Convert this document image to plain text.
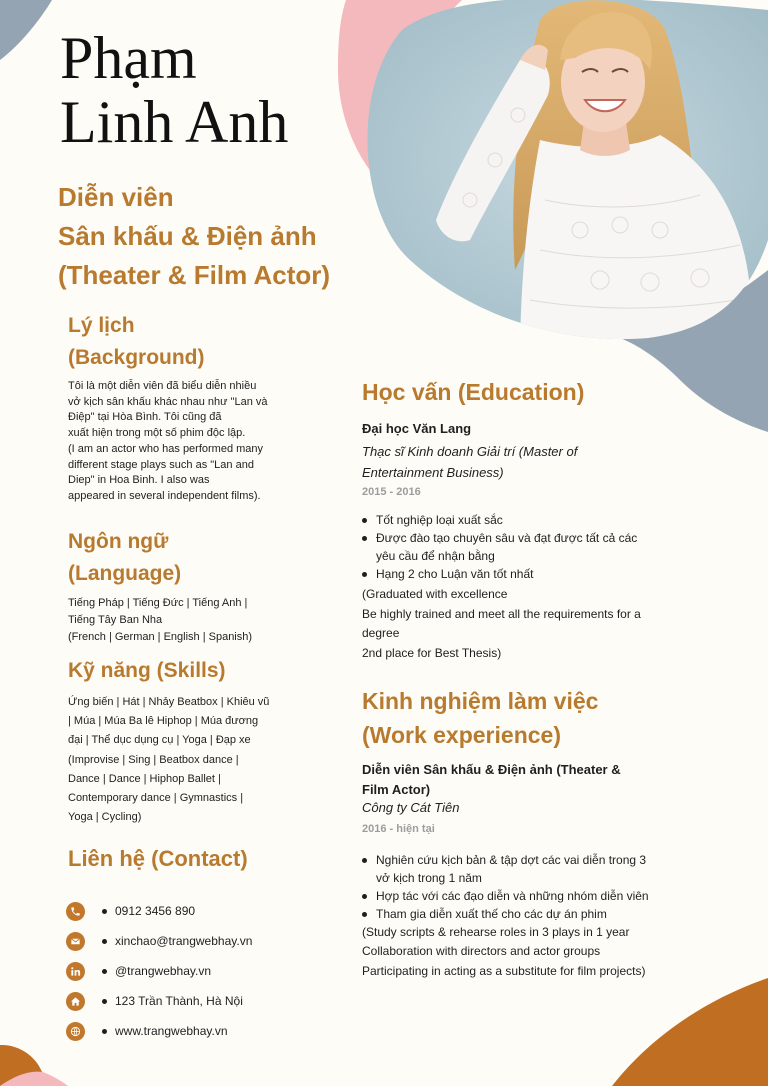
Phạm
Linh Anh
Diễn viên
Sân khấu & Điện ảnh
(Theater & Film Actor)
Lý lịch
(Background)

Tôi là một diễn viên đã biểu diễn nhiều
vở kịch sân khấu khác nhau như "Lan và
Điệp" tại Hòa Bình. Tôi cũng đã
xuất hiện trong một số phim độc lập.
(I am an actor who has performed many
different stage plays such as "Lan and
Diep" in Hoa Binh. I also was
appeared in several independent films).

Ngôn ngữ
(Language)

Tiếng Pháp | Tiếng Đức | Tiếng Anh |
Tiếng Tây Ban Nha
(French | German | English | Spanish)

Kỹ năng (Skills)

Ứng biến | Hát | Nhảy Beatbox | Khiêu vũ
| Múa | Múa Ba lê Hiphop | Múa đương
đại | Thể dục dụng cụ | Yoga | Đạp xe
(Improvise | Sing | Beatbox dance |
Dance | Dance | Hiphop Ballet |
Contemporary dance | Gymnastics |
Yoga | Cycling)

Liên hệ (Contact)
0912 3456 890
xinchao@trangwebhay.vn
@trangwebhay.vn
123 Trần Thành, Hà Nội
www.trangwebhay.vn
Học vấn (Education)

Đại học Văn Lang

Thạc sĩ Kinh doanh Giải trí (Master of
Entertainment Business)

2015 - 2016

Tốt nghiệp loại xuất sắc
Được đào tạo chuyên sâu và đạt được tất cả các
yêu cầu để nhận bằng
Hạng 2 cho Luận văn tốt nhất

(Graduated with excellence
Be highly trained and meet all the requirements for a
degree
2nd place for Best Thesis)

Kinh nghiệm làm việc
(Work experience)

Diễn viên Sân khấu & Điện ảnh (Theater &
Film Actor)

Công ty Cát Tiên

2016 - hiện tại

Nghiên cứu kịch bản & tập dợt các vai diễn trong 3
vở kịch trong 1 năm
Hợp tác với các đạo diễn và những nhóm diễn viên
Tham gia diễn xuất thế cho các dự án phim

(Study scripts & rehearse roles in 3 plays in 1 year
Collaboration with directors and actor groups
Participating in acting as a substitute for film projects)
